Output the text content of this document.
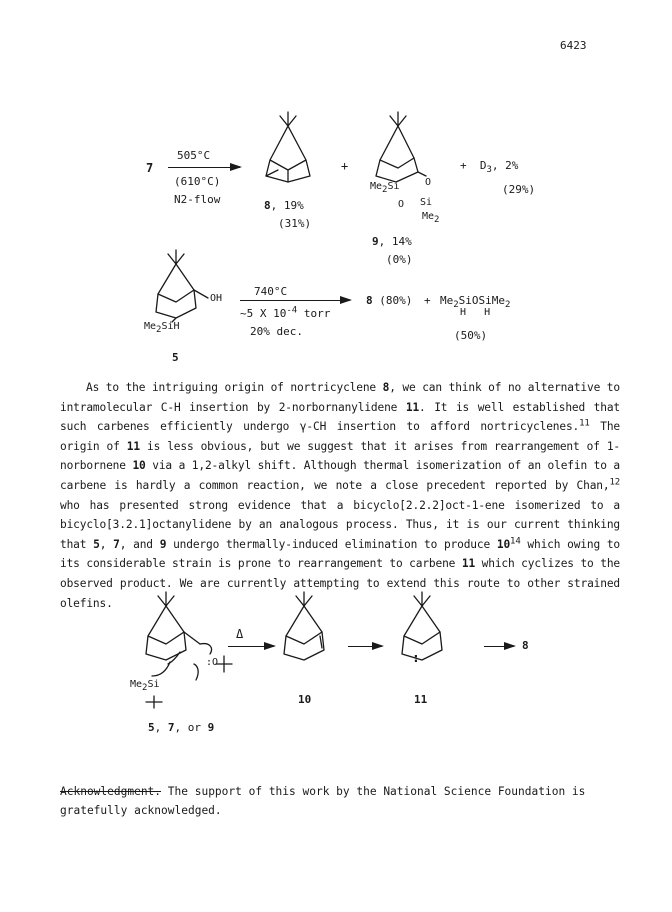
6423
7
505°C
(610°C)
N2-flow	8, 19%
(31%)
+
$Me_2Si$	O
O Si
$Me_2$
9, 14%
(0%)
+  $D_3$, 2%
(29%)
OH
$Me_2SiH$
5
740°C
~5 X $10^{-4}$ torr
20% dec.
8 $(80\%) + Me_2SiOSiMe_2$
H   H
(50%)
As to the intriguing origin of nortricyclene 8, we can think of no alternative to intramolecular C-H insertion by 2-norbornanylidene 11. It is well established that such carbenes efficiently undergo γ-CH insertion to afford nortricyclenes.$^{11}$ The origin of 11 is less obvious, but we suggest that it arises from rearrangement of 1-norbornene 10 via a 1,2-alkyl shift. Although thermal isomerization of an olefin to a carbene is hardly a common reaction, we note a close precedent reported by Chan,$^{12}$ who has presented strong evidence that a bicyclo[2.2.2]oct-1-ene isomerized to a bicyclo[3.2.1]octanylidene by an analogous process. Thus, it is our current thinking that 5, 7, and 9 undergo thermally-induced elimination to produce $10^{14}$ which owing to its considerable strain is prone to rearrangement to carbene 11 which cyclizes to the observed product. We are currently attempting to extend this route to other strained olefins.
$Me_2Si$
:O
5, 7, or 9
Δ
10
:
11
→ 8
Acknowledgment. The support of this work by the National Science Foundation is gratefully acknowledged.
